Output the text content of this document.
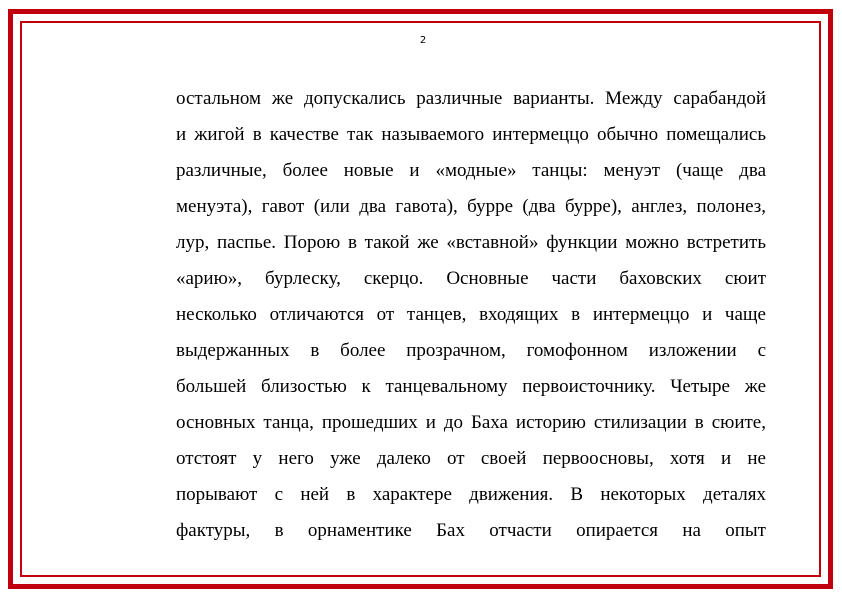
2
остальном же допускались различные варианты. Между сарабандой
и жигой в качестве так называемого интермеццо обычно помещались
различные, более новые и «модные» танцы: менуэт (чаще два
менуэта), гавот (или два гавота), бурре (два бурре), англез, полонез,
лур, паспье. Порою в такой же «вставной» функции можно встретить
«арию», бурлеску, скерцо. Основные части баховских сюит
несколько отличаются от танцев, входящих в интермеццо и чаще
выдержанных в более прозрачном, гомофонном изложении с
большей близостью к танцевальному первоисточнику. Четыре же
основных танца, прошедших и до Баха историю стилизации в сюите,
отстоят у него уже далеко от своей первоосновы, хотя и не
порывают с ней в характере движения. В некоторых деталях
фактуры, в орнаментике Бах отчасти опирается на опыт
